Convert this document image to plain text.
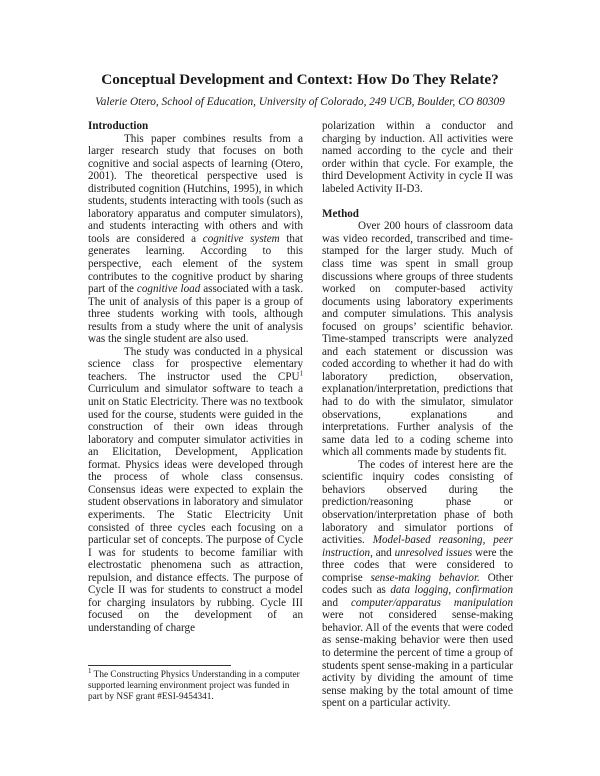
Conceptual Development and Context: How Do They Relate?
Valerie Otero, School of Education, University of Colorado, 249 UCB, Boulder, CO 80309
Introduction

This paper combines results from a larger research study that focuses on both cognitive and social aspects of learning (Otero, 2001). The theoretical perspective used is distributed cognition (Hutchins, 1995), in which students, students interacting with tools (such as laboratory apparatus and computer simulators), and students interacting with others and with tools are considered a cognitive system that generates learning. According to this perspective, each element of the system contributes to the cognitive product by sharing part of the cognitive load associated with a task. The unit of analysis of this paper is a group of three students working with tools, although results from a study where the unit of analysis was the single student are also used.

The study was conducted in a physical science class for prospective elementary teachers. The instructor used the CPU$^1$ Curriculum and simulator software to teach a unit on Static Electricity. There was no textbook used for the course, students were guided in the construction of their own ideas through laboratory and computer simulator activities in an Elicitation, Development, Application format. Physics ideas were developed through the process of whole class consensus. Consensus ideas were expected to explain the student observations in laboratory and simulator experiments. The Static Electricity Unit consisted of three cycles each focusing on a particular set of concepts. The purpose of Cycle I was for students to become familiar with electrostatic phenomena such as attraction, repulsion, and distance effects. The purpose of Cycle II was for students to construct a model for charging insulators by rubbing. Cycle III focused on the development of an understanding of charge

$^1$ The Constructing Physics Understanding in a computer supported learning environment project was funded in part by NSF grant #ESI-9454341.

polarization within a conductor and charging by induction. All activities were named according to the cycle and their order within that cycle. For example, the third Development Activity in cycle II was labeled Activity II-D3.

Method

Over 200 hours of classroom data was video recorded, transcribed and time-stamped for the larger study. Much of class time was spent in small group discussions where groups of three students worked on computer-based activity documents using laboratory experiments and computer simulations. This analysis focused on groups’ scientific behavior. Time-stamped transcripts were analyzed and each statement or discussion was coded according to whether it had do with laboratory prediction, observation, explanation/interpretation, predictions that had to do with the simulator, simulator observations, explanations and interpretations. Further analysis of the same data led to a coding scheme into which all comments made by students fit.

The codes of interest here are the scientific inquiry codes consisting of behaviors observed during the prediction/reasoning phase or observation/interpretation phase of both laboratory and simulator portions of activities. Model-based reasoning, peer instruction, and unresolved issues were the three codes that were considered to comprise sense-making behavior. Other codes such as data logging, confirmation and computer/apparatus manipulation were not considered sense-making behavior. All of the events that were coded as sense-making behavior were then used to determine the percent of time a group of students spent sense-making in a particular activity by dividing the amount of time sense making by the total amount of time spent on a particular activity.
